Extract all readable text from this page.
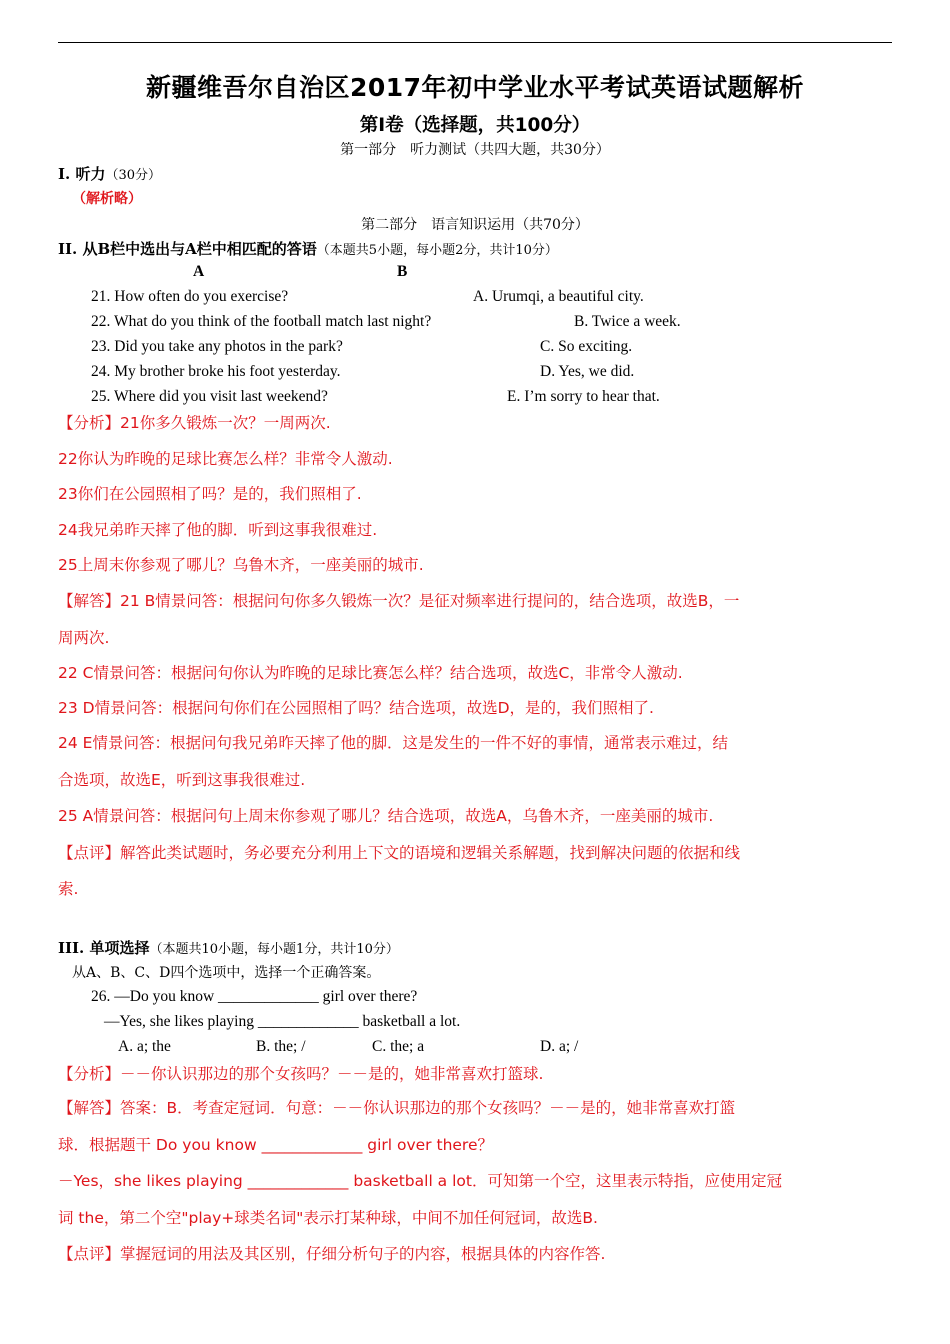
新疆维吾尔自治区2017年初中学业水平考试英语试题解析
第Ⅰ卷（选择题，共100分）
第一部分　听力测试（共四大题，共30分）
I. 听力（30分）
（解析略）
第二部分　语言知识运用（共70分）
II. 从B栏中选出与A栏中相匹配的答语（本题共5小题，每小题2分，共计10分）
A	B
21. How often do you exercise?	A. Urumqi, a beautiful city.
22. What do you think of the football match last night?	B. Twice a week.
23. Did you take any photos in the park?	C. So exciting.
24. My brother broke his foot yesterday.	D. Yes, we did.
25. Where did you visit last weekend?	E. I’m sorry to hear that.
【分析】21你多久锻炼一次？一周两次.
22你认为昨晚的足球比赛怎么样？非常令人激动.
23你们在公园照相了吗？是的，我们照相了.
24我兄弟昨天摔了他的脚．听到这事我很难过.
25上周末你参观了哪儿？乌鲁木齐，一座美丽的城市.
【解答】21 B情景问答：根据问句你多久锻炼一次？是征对频率进行提问的，结合选项，故选B，一
周两次.
22 C情景问答：根据问句你认为昨晚的足球比赛怎么样？结合选项，故选C，非常令人激动.
23 D情景问答：根据问句你们在公园照相了吗？结合选项，故选D，是的，我们照相了.
24 E情景问答：根据问句我兄弟昨天摔了他的脚．这是发生的一件不好的事情，通常表示难过，结
合选项，故选E，听到这事我很难过.
25 A情景问答：根据问句上周末你参观了哪儿？结合选项，故选A，乌鲁木齐，一座美丽的城市.
【点评】解答此类试题时，务必要充分利用上下文的语境和逻辑关系解题，找到解决问题的依据和线
索.
III. 单项选择（本题共10小题，每小题1分，共计10分）
从A、B、C、D四个选项中，选择一个正确答案。
26. —Do you know _____________ girl over there?
—Yes, she likes playing _____________ basketball a lot.
A. a; the	B. the; /	C. the; a	D. a; /
【分析】－－你认识那边的那个女孩吗？－－是的，她非常喜欢打篮球.
【解答】答案：B．考查定冠词．句意：－－你认识那边的那个女孩吗？－－是的，她非常喜欢打篮
球．根据题干 Do you know _____________ girl over there？
－Yes，she likes playing _____________ basketball a lot．可知第一个空，这里表示特指，应使用定冠
词 the，第二个空"play+球类名词"表示打某种球，中间不加任何冠词，故选B.
【点评】掌握冠词的用法及其区别，仔细分析句子的内容，根据具体的内容作答.
